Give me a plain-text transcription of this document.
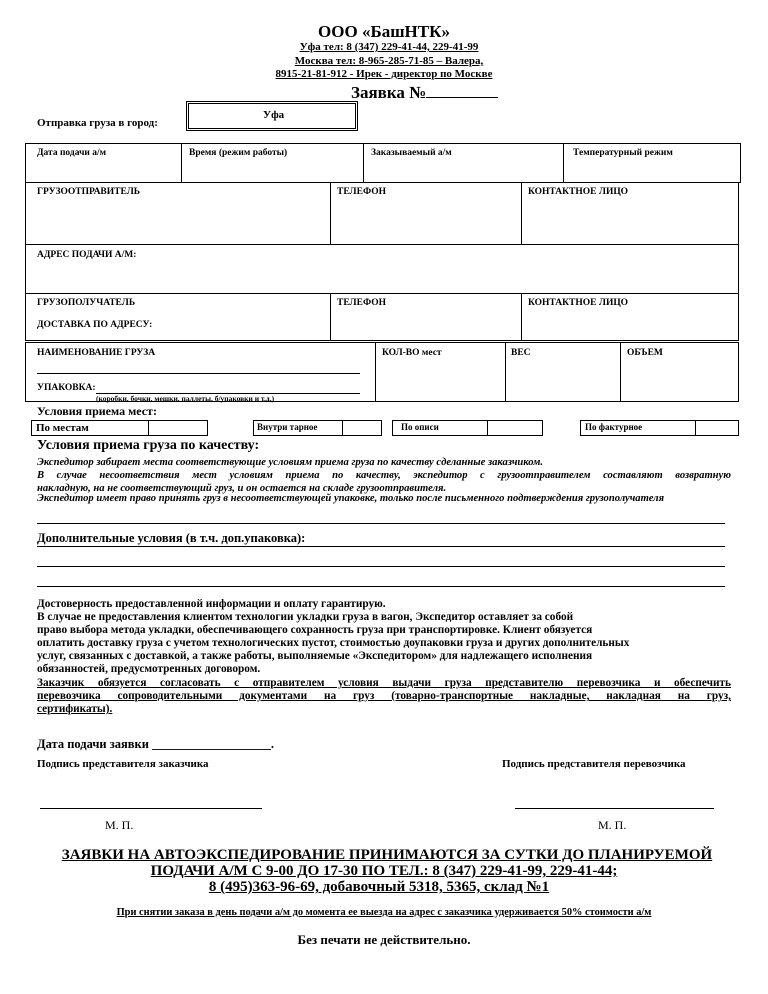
ООО «БашНТК»
Уфа тел: 8 (347) 229-41-44, 229-41-99
Москва тел: 8-965-285-71-85 – Валера,
8915-21-81-912 - Ирек - директор по Москве
Заявка №
Отправка груза в город:
Уфа
Дата подачи а/м	Время (режим работы)	Заказываемый а/м	Температурный режим
ГРУЗООТПРАВИТЕЛЬ	ТЕЛЕФОН	КОНТАКТНОЕ ЛИЦО
АДРЕС ПОДАЧИ А/М:
ГРУЗОПОЛУЧАТЕЛЬ	ТЕЛЕФОН	КОНТАКТНОЕ ЛИЦО
ДОСТАВКА ПО АДРЕСУ:
НАИМЕНОВАНИЕ ГРУЗА	КОЛ-ВО мест	ВЕС	ОБЪЕМ
УПАКОВКА:
(коробки, бочки, мешки, паллеты, б/упаковки и т.д.)
Условия приема мест:
По местам	Внутри тарное	По описи	По фактурное
Условия приема груза по качеству:
Экспедитор забирает места соответствующие условиям приема груза по качеству сделанные заказчиком.
В случае несоответствия мест условиям приема по качеству, экспедитор с грузоотправителем составляют возвратную
накладную, на не соответствующий груз, и он остается на складе грузоотправителя.
Экспедитор имеет право принять груз в несоответствующей упаковке, только после письменного подтверждения грузополучателя
Дополнительные условия (в т.ч. доп.упаковка):
Достоверность предоставленной информации и оплату гарантирую.
В случае не предоставления клиентом технологии укладки груза в вагон, Экспедитор оставляет за собой
право выбора метода укладки, обеспечивающего сохранность груза при транспортировке. Клиент обязуется
оплатить доставку груза с учетом технологических пустот, стоимостью доупаковки груза и других дополнительных
услуг, связанных с доставкой, а также работы, выполняемые «Экспедитором» для надлежащего исполнения
обязанностей, предусмотренных договором.
Заказчик обязуется согласовать с отправителем условия выдачи груза представителю перевозчика и обеспечить
перевозчика сопроводительными документами на груз (товарно-транспортные накладные, накладная на груз,
сертификаты).
Дата подачи заявки ___________________.
Подпись представителя заказчика	Подпись представителя перевозчика
М. П.	М. П.
ЗАЯВКИ НА АВТОЭКСПЕДИРОВАНИЕ ПРИНИМАЮТСЯ ЗА СУТКИ ДО ПЛАНИРУЕМОЙ
ПОДАЧИ А/М С 9-00 ДО 17-30 ПО ТЕЛ.: 8 (347) 229-41-99, 229-41-44;
8 (495)363-96-69, добавочный 5318, 5365, склад №1
При снятии заказа в день подачи а/м до момента ее выезда на адрес с заказчика удерживается 50% стоимости а/м
Без печати не действительно.
